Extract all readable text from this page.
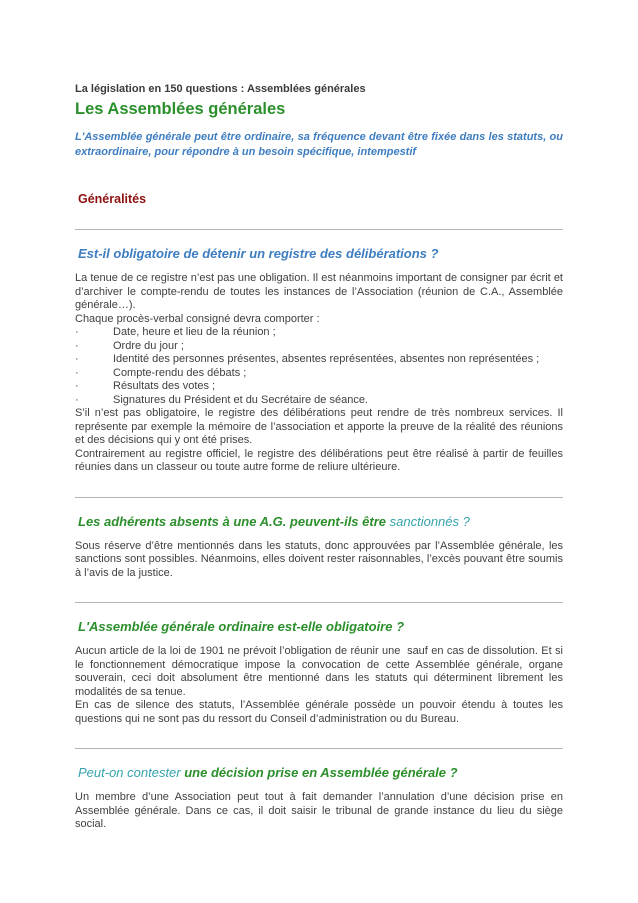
La législation en 150 questions : Assemblées générales
Les Assemblées générales

L'Assemblée générale peut être ordinaire, sa fréquence devant être fixée dans les statuts, ou extraordinaire, pour répondre à un besoin spécifique, intempestif

Généralités
Est-il obligatoire de détenir un registre des délibérations ?

La tenue de ce registre n’est pas une obligation. Il est néanmoins important de consigner par écrit et d’archiver le compte-rendu de toutes les instances de l’Association (réunion de C.A., Assemblée générale…).

Chaque procès-verbal consigné devra comporter :

·	Date, heure et lieu de la réunion ;
·	Ordre du jour ;
·	Identité des personnes présentes, absentes représentées, absentes non représentées ;
·	Compte-rendu des débats ;
·	Résultats des votes ;
·	Signatures du Président et du Secrétaire de séance.

S’il n’est pas obligatoire, le registre des délibérations peut rendre de très nombreux services. Il représente par exemple la mémoire de l’association et apporte la preuve de la réalité des réunions et des décisions qui y ont été prises.

Contrairement au registre officiel, le registre des délibérations peut être réalisé à partir de feuilles réunies dans un classeur ou toute autre forme de reliure ultérieure.

Les adhérents absents à une A.G. peuvent-ils être sanctionnés ?

Sous réserve d’être mentionnés dans les statuts, donc approuvées par l’Assemblée générale, les sanctions sont possibles. Néanmoins, elles doivent rester raisonnables, l’excès pouvant être soumis à l’avis de la justice.

L'Assemblée générale ordinaire est-elle obligatoire ?

Aucun article de la loi de 1901 ne prévoit l’obligation de réunir une  sauf en cas de dissolution. Et si le fonctionnement démocratique impose la convocation de cette Assemblée générale, organe souverain, ceci doit absolument être mentionné dans les statuts qui déterminent librement les modalités de sa tenue.

En cas de silence des statuts, l’Assemblée générale possède un pouvoir étendu à toutes les questions qui ne sont pas du ressort du Conseil d’administration ou du Bureau.

Peut-on contester une décision prise en Assemblée générale ?

Un membre d’une Association peut tout à fait demander l’annulation d’une décision prise en Assemblée générale. Dans ce cas, il doit saisir le tribunal de grande instance du lieu du siège social.
